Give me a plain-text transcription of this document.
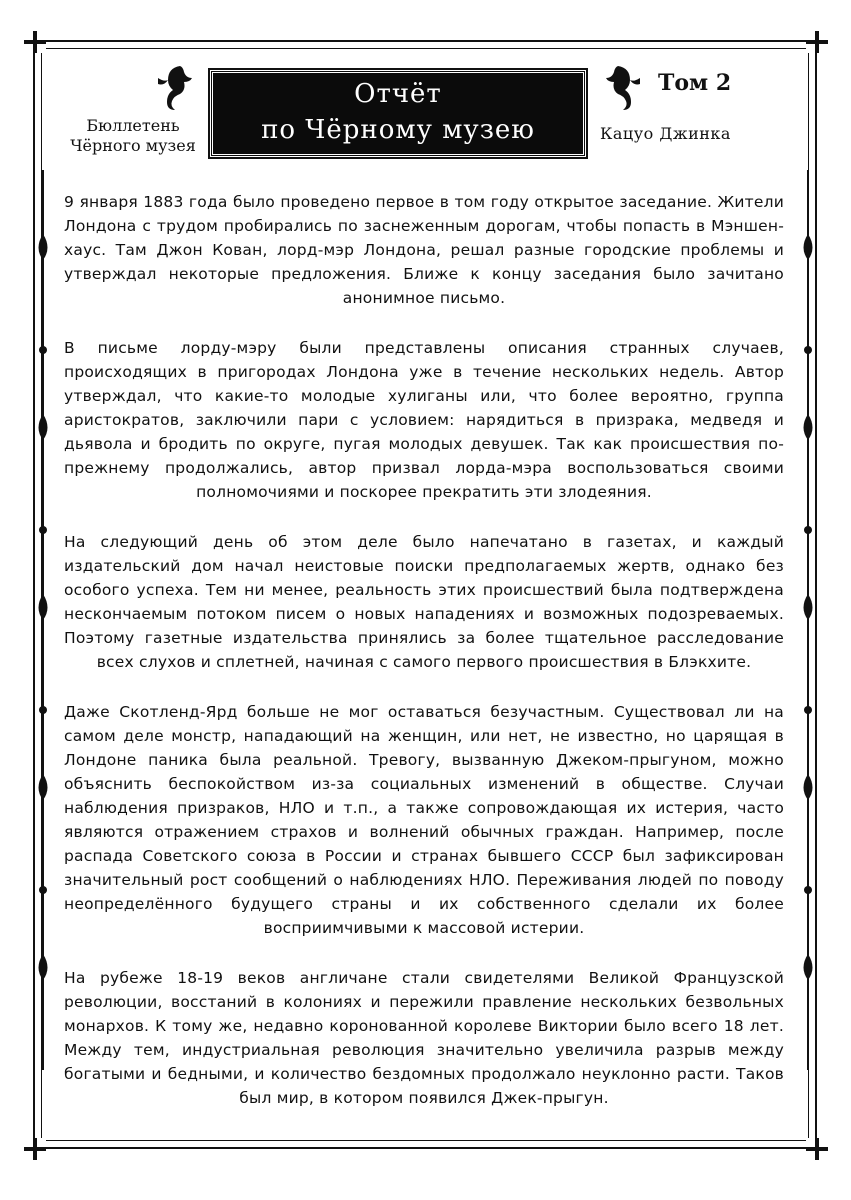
Отчёт
по Чёрному музею
Том 2
Кацуо Джинка
Бюллетень
Чёрного музея

9 января 1883 года было проведено первое в том году открытое заседание. Жители Лондона с трудом пробирались по заснеженным дорогам, чтобы попасть в Мэншен-хаус. Там Джон Кован, лорд-мэр Лондона, решал разные городские проблемы и утверждал некоторые предложения. Ближе к концу заседания было зачитано анонимное письмо.

В письме лорду-мэру были представлены описания странных случаев, происходящих в пригородах Лондона уже в течение нескольких недель. Автор утверждал, что какие-то молодые хулиганы или, что более вероятно, группа аристократов, заключили пари с условием: нарядиться в призрака, медведя и дьявола и бродить по округе, пугая молодых девушек. Так как происшествия по-прежнему продолжались, автор призвал лорда-мэра воспользоваться своими полномочиями и поскорее прекратить эти злодеяния.

На следующий день об этом деле было напечатано в газетах, и каждый издательский дом начал неистовые поиски предполагаемых жертв, однако без особого успеха. Тем ни менее, реальность этих происшествий была подтверждена нескончаемым потоком писем о новых нападениях и возможных подозреваемых. Поэтому газетные издательства принялись за более тщательное расследование всех слухов и сплетней, начиная с самого первого происшествия в Блэкхите.

Даже Скотленд-Ярд больше не мог оставаться безучастным. Существовал ли на самом деле монстр, нападающий на женщин, или нет, не известно, но царящая в Лондоне паника была реальной. Тревогу, вызванную Джеком-прыгуном, можно объяснить беспокойством из-за социальных изменений в обществе. Случаи наблюдения призраков, НЛО и т.п., а также сопровождающая их истерия, часто являются отражением страхов и волнений обычных граждан. Например, после распада Советского союза в России и странах бывшего СССР был зафиксирован значительный рост сообщений о наблюдениях НЛО. Переживания людей по поводу неопределённого будущего страны и их собственного сделали их более восприимчивыми к массовой истерии.

На рубеже 18-19 веков англичане стали свидетелями Великой Французской революции, восстаний в колониях и пережили правление нескольких безвольных монархов. К тому же, недавно коронованной королеве Виктории было всего 18 лет. Между тем, индустриальная революция значительно увеличила разрыв между богатыми и бедными, и количество бездомных продолжало неуклонно расти. Таков был мир, в котором появился Джек-прыгун.
